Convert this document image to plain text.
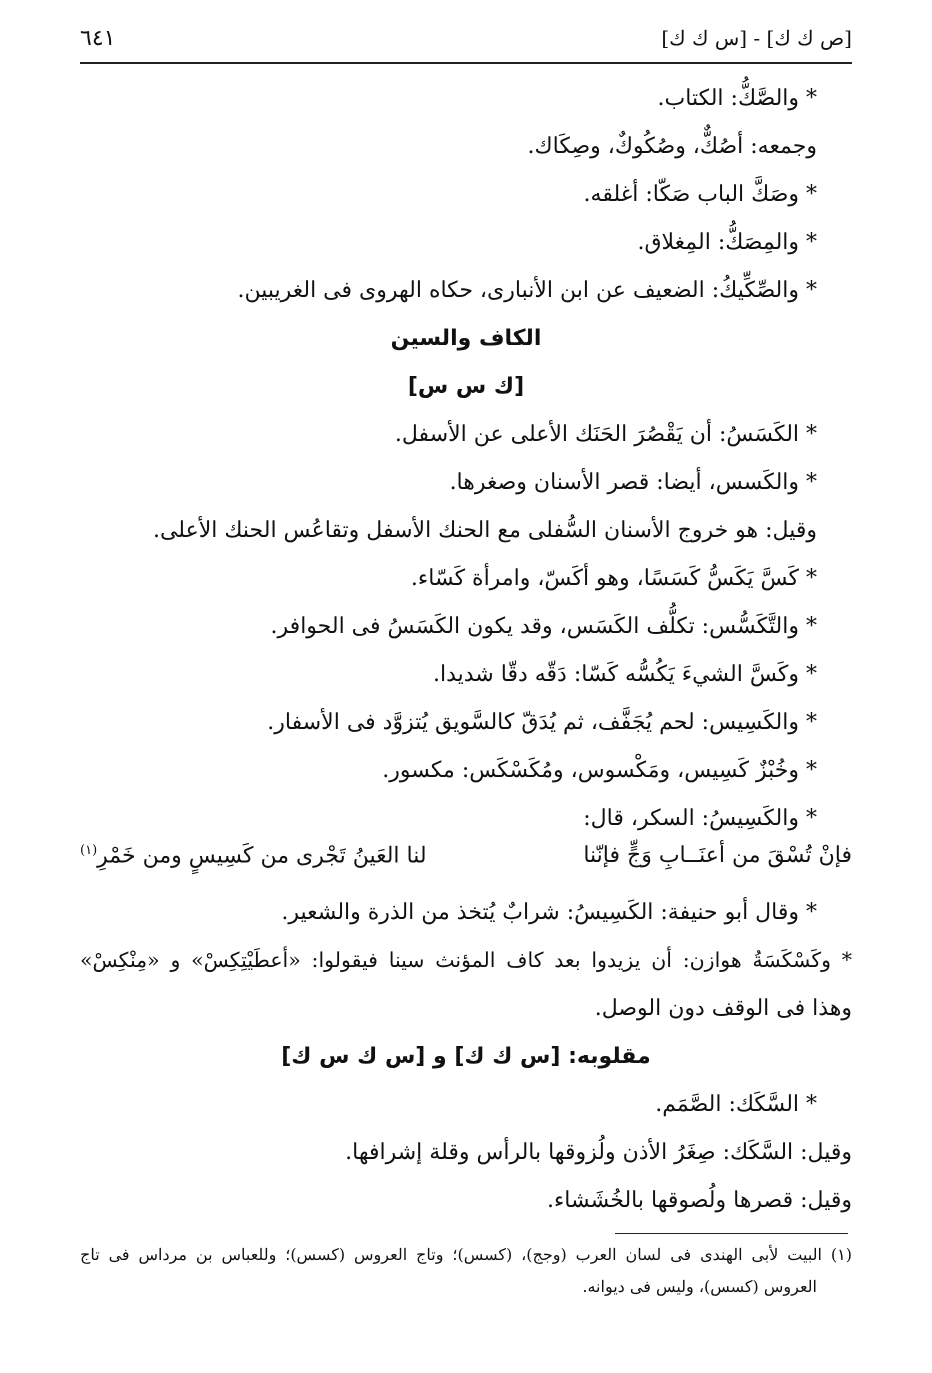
[ص ك ك] - [س ك ك]
٦٤١
* والصَّكُّ: الكتاب.
وجمعه: أصُكٌّ، وصُكُوكٌ، وصِكَاك.
* وصَكَّ الباب صَكّا: أغلقه.
* والمِصَكُّ: المِغلاق.
* والصِّكِّيكُ: الضعيف عن ابن الأنبارى، حكاه الهروى فى الغريبين.
الكاف والسين
[ك س س]
* الكَسَسُ: أن يَقْصُرَ الحَنَك الأعلى عن الأسفل.
* والكَسس، أيضا: قصر الأسنان وصغرها.
وقيل: هو خروج الأسنان السُّفلى مع الحنك الأسفل وتقاعُس الحنك الأعلى.
* كَسَّ يَكَسُّ كَسَسًا، وهو أكَسّ، وامرأة كَسّاء.
* والتَّكَسُّس: تكلُّف الكَسَس، وقد يكون الكَسَسُ فى الحوافر.
* وكَسَّ الشيءَ يَكُسُّه كَسّا: دَقّه دقّا شديدا.
* والكَسِيس: لحم يُجَفَّف، ثم يُدَقّ كالسَّويق يُتزوَّد فى الأسفار.
* وخُبْزٌ كَسِيس، ومَكْسوس، ومُكَسْكَس: مكسور.
* والكَسِيسُ: السكر، قال:
فإنْ تُسْقَ من أعنَــابِ وَجٍّ فإنّنا
لنا العَينُ تَجْرى من كَسِيسٍ ومن خَمْرِ$^{(١)}$
* وقال أبو حنيفة: الكَسِيسُ: شرابٌ يُتخذ من الذرة والشعير.
* وكَسْكَسَةُ هوازن: أن يزيدوا بعد كاف المؤنث سينا فيقولوا: «أعطَيْتِكِسْ» و «مِنْكِسْ»
وهذا فى الوقف دون الوصل.
مقلوبه: [س ك ك] و [س ك س ك]
* السَّكَك: الصَّمَم.
وقيل: السَّكَك: صِغَرُ الأذن ولُزوقها بالرأس وقلة إشرافها.
وقيل: قصرها ولُصوقها بالخُشَشاء.
(١) البيت لأبى الهندى فى لسان العرب (وجج)، (كسس)؛ وتاج العروس (كسس)؛ وللعباس بن مرداس فى تاج
العروس (كسس)، وليس فى ديوانه.
